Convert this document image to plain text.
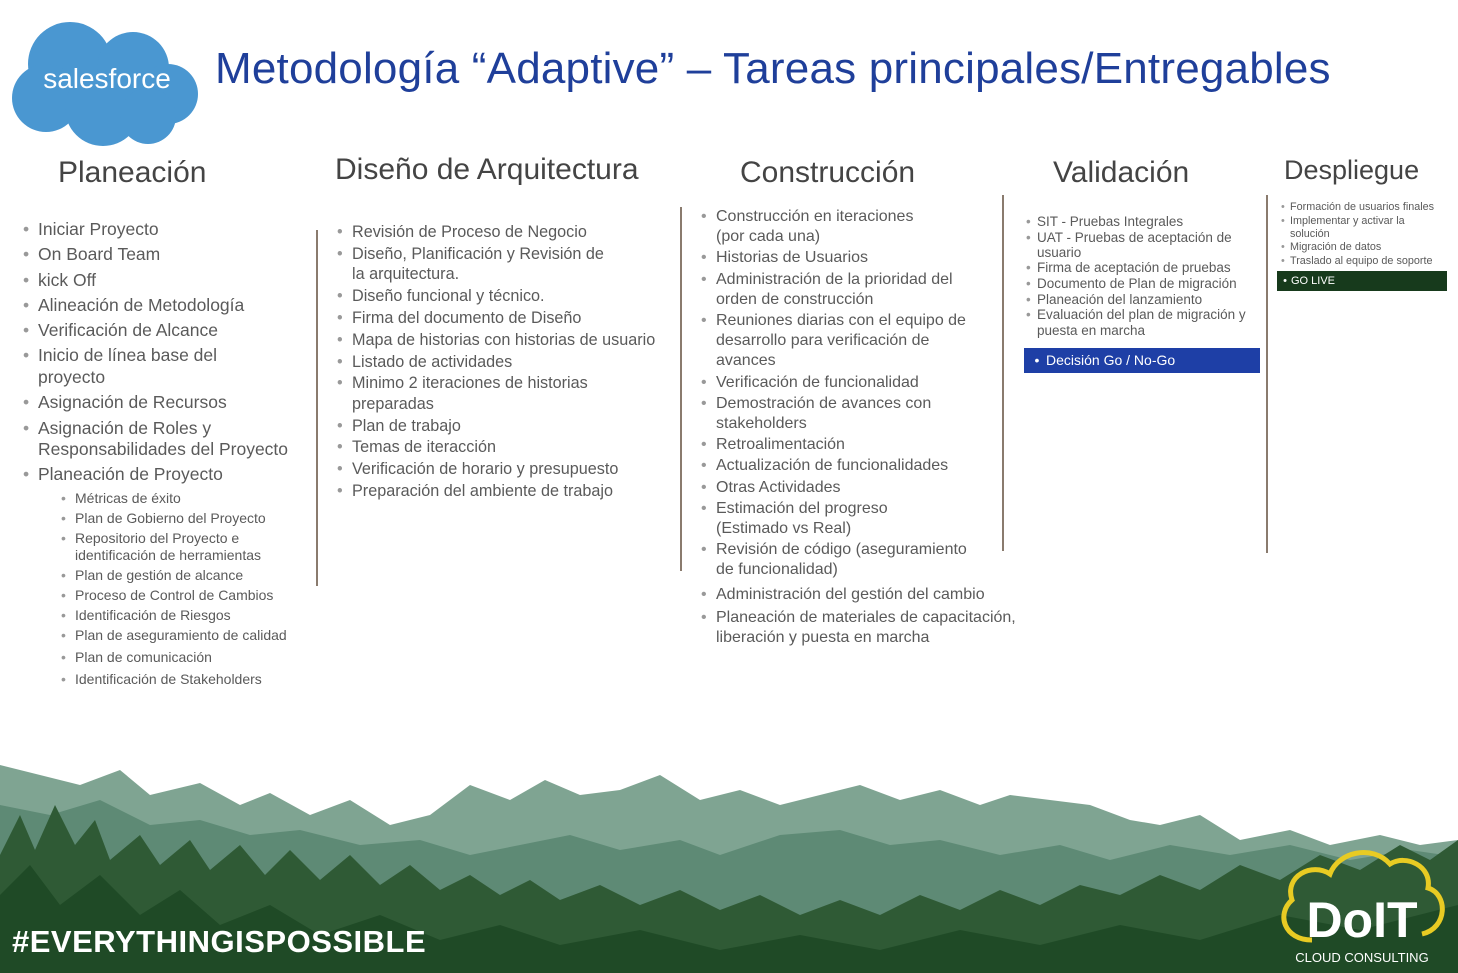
salesforce Metodología “Adaptive” – Tareas principales/Entregables
Planeación	Diseño de Arquitectura	Construcción	Validación	Despliegue
• Iniciar Proyecto
• On Board Team
• kick Off
• Alineación de Metodología
• Verificación de Alcance
• Inicio de línea base del proyecto
• Asignación de Recursos
• Asignación de Roles y Responsabilidades del Proyecto
• Planeación de Proyecto
• Métricas de éxito
• Plan de Gobierno del Proyecto
• Repositorio del Proyecto e identificación de herramientas
• Plan de gestión de alcance
• Proceso de Control de Cambios
• Identificación de Riesgos
• Plan de aseguramiento de calidad
• Plan de comunicación
• Identificación de Stakeholders
• Revisión de Proceso de Negocio
• Diseño, Planificación y Revisión de la arquitectura.
• Diseño funcional y técnico.
• Firma del documento de Diseño
• Mapa de historias con historias de usuario
• Listado de actividades
• Minimo 2 iteraciones de historias preparadas
• Plan de trabajo
• Temas de iteracción
• Verificación de horario y presupuesto
• Preparación del ambiente de trabajo
• Construcción en iteraciones (por cada una)
• Historias de Usuarios
• Administración de la prioridad del orden de construcción
• Reuniones diarias con el equipo de desarrollo para verificación de avances
• Verificación de funcionalidad
• Demostración de avances con stakeholders
• Retroalimentación
• Actualización de funcionalidades
• Otras Actividades
• Estimación del progreso (Estimado vs Real)
• Revisión de código (aseguramiento de funcionalidad)
• Administración del gestión del cambio
• Planeación de materiales de capacitación, liberación y puesta en marcha
• SIT - Pruebas Integrales
• UAT - Pruebas de aceptación de usuario
• Firma de aceptación de pruebas
• Documento de Plan de migración
• Planeación del lanzamiento
• Evaluación del plan de migración y puesta en marcha
• Decisión Go / No-Go
• Formación de usuarios finales
• Implementar y activar la solución
• Migración de datos
• Traslado al equipo de soporte
• GO LIVE
#EVERYTHINGISPOSSIBLE	DoIT
CLOUD CONSULTING
